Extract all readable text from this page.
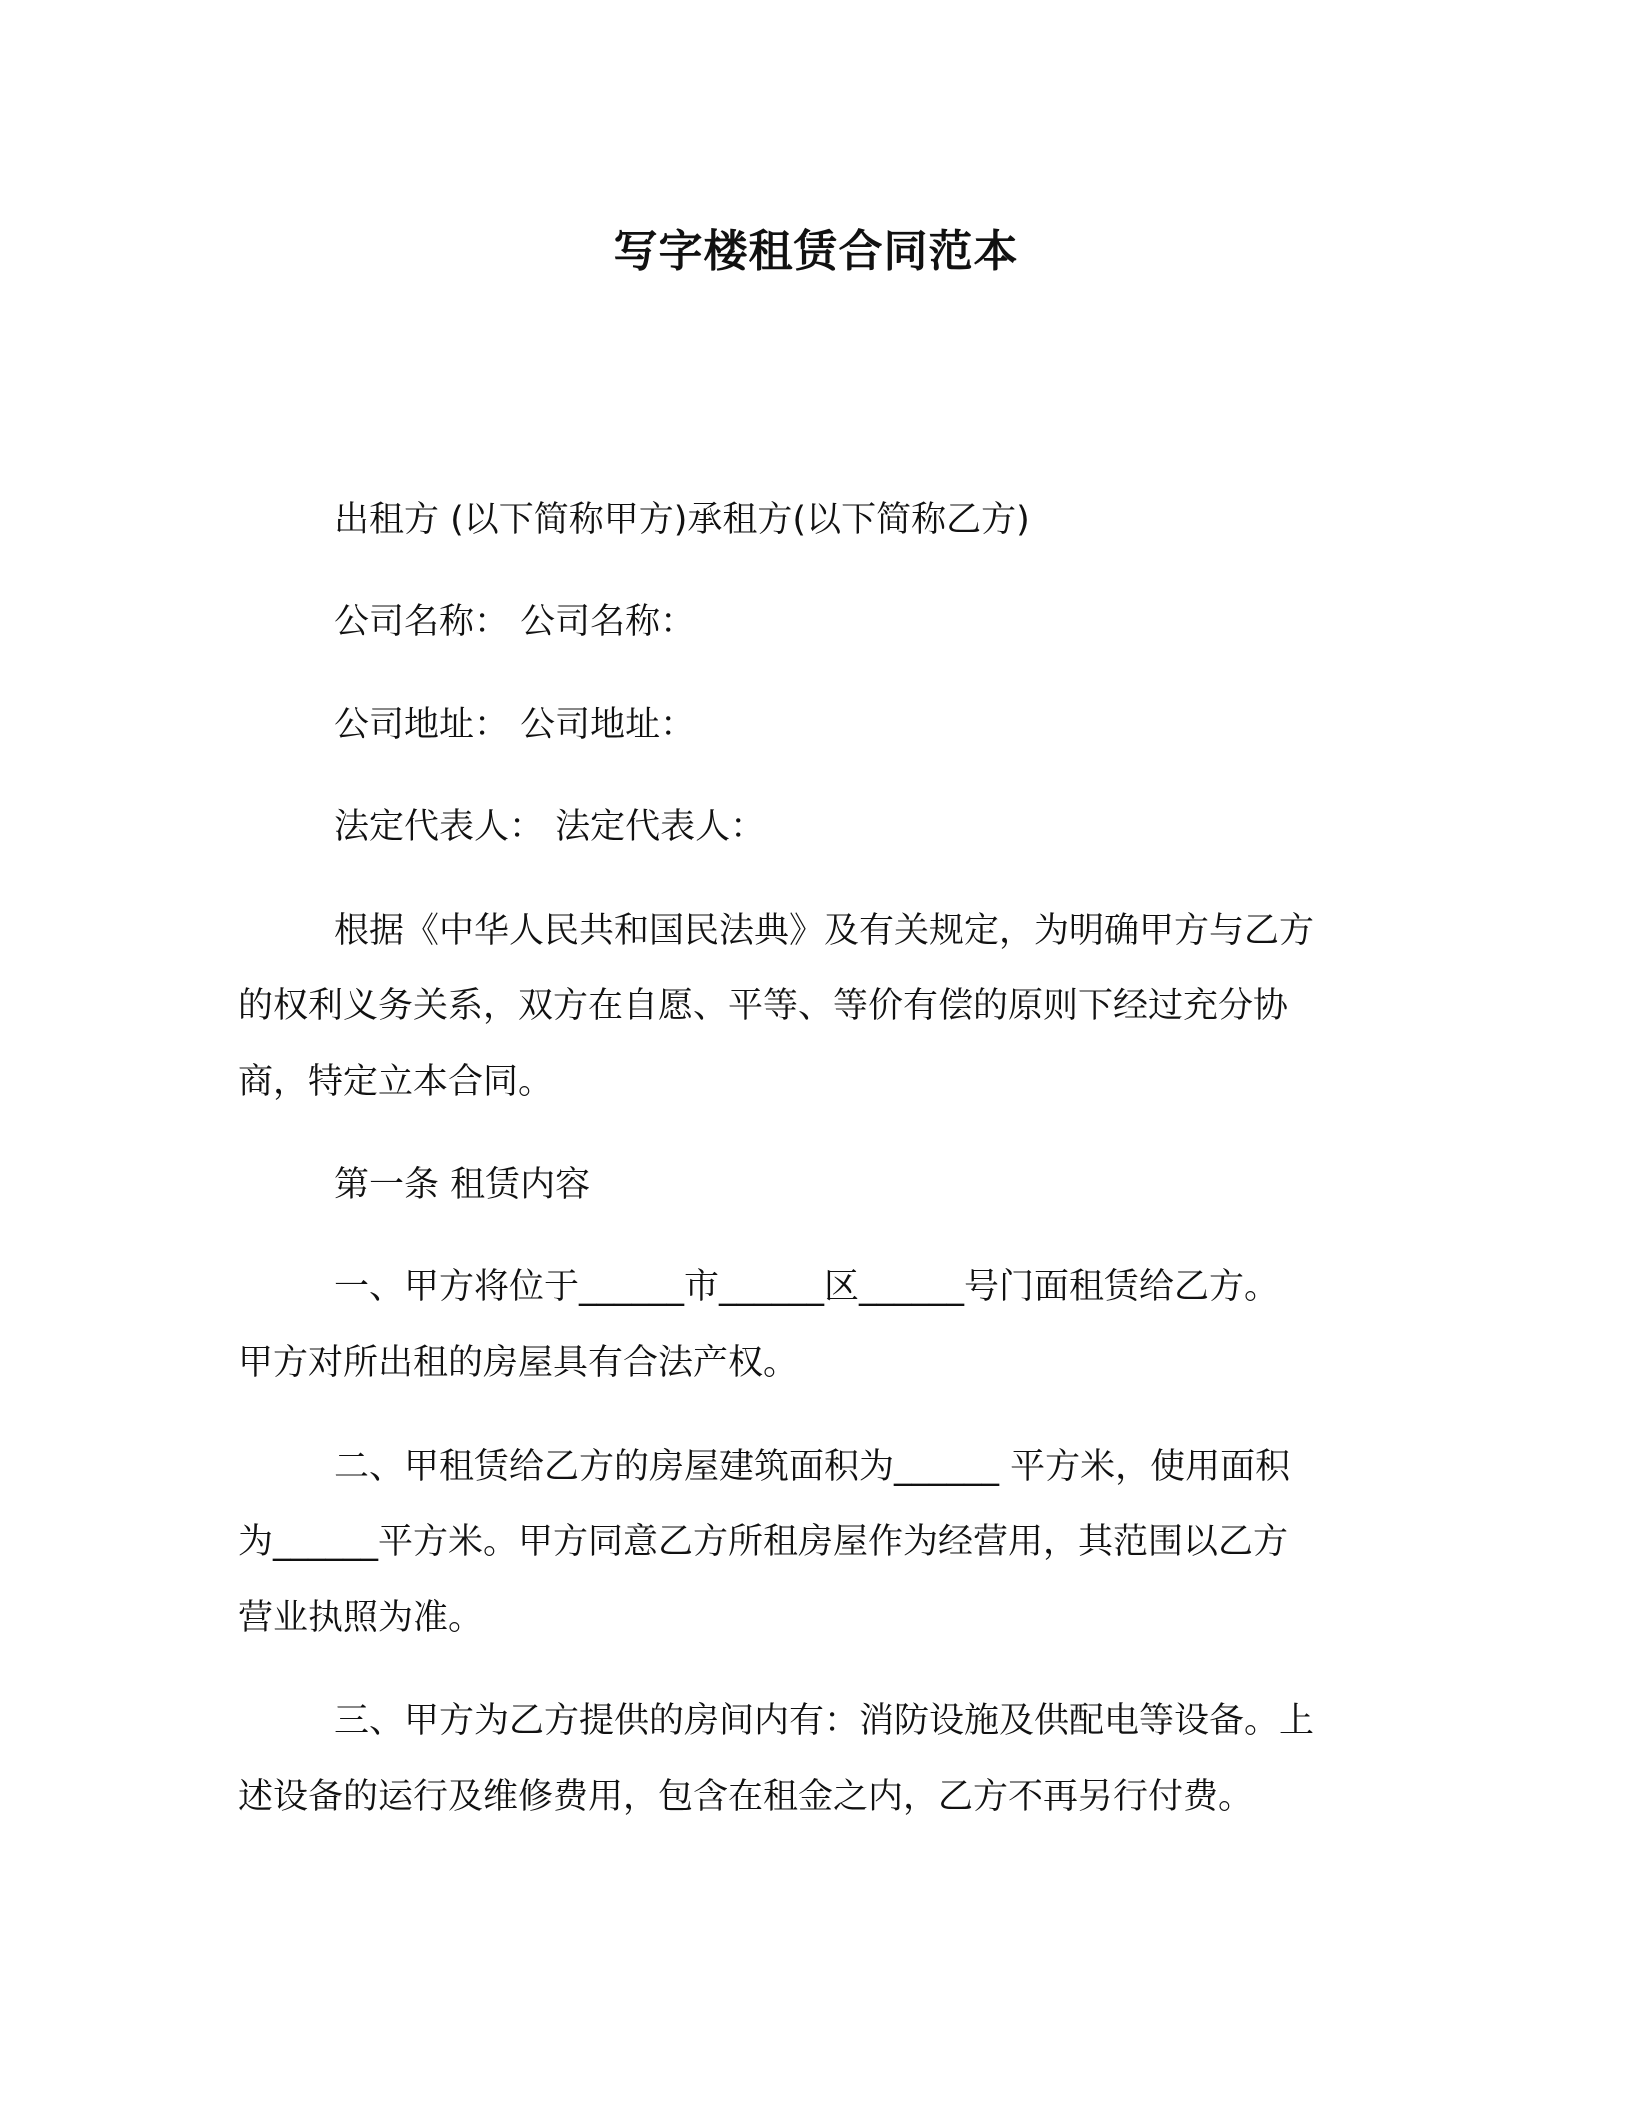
写字楼租赁合同范本
出租方 (以下简称甲方)承租方(以下简称乙方)
公司名称： 公司名称：
公司地址： 公司地址：
法定代表人： 法定代表人：
根据《中华人民共和国民法典》及有关规定，为明确甲方与乙方
的权利义务关系，双方在自愿、平等、等价有偿的原则下经过充分协
商，特定立本合同。
第一条 租赁内容
一、甲方将位于______市______区______号门面租赁给乙方。
甲方对所出租的房屋具有合法产权。
二、甲租赁给乙方的房屋建筑面积为______ 平方米，使用面积
为______平方米。甲方同意乙方所租房屋作为经营用，其范围以乙方
营业执照为准。
三、甲方为乙方提供的房间内有：消防设施及供配电等设备。上
述设备的运行及维修费用，包含在租金之内，乙方不再另行付费。
